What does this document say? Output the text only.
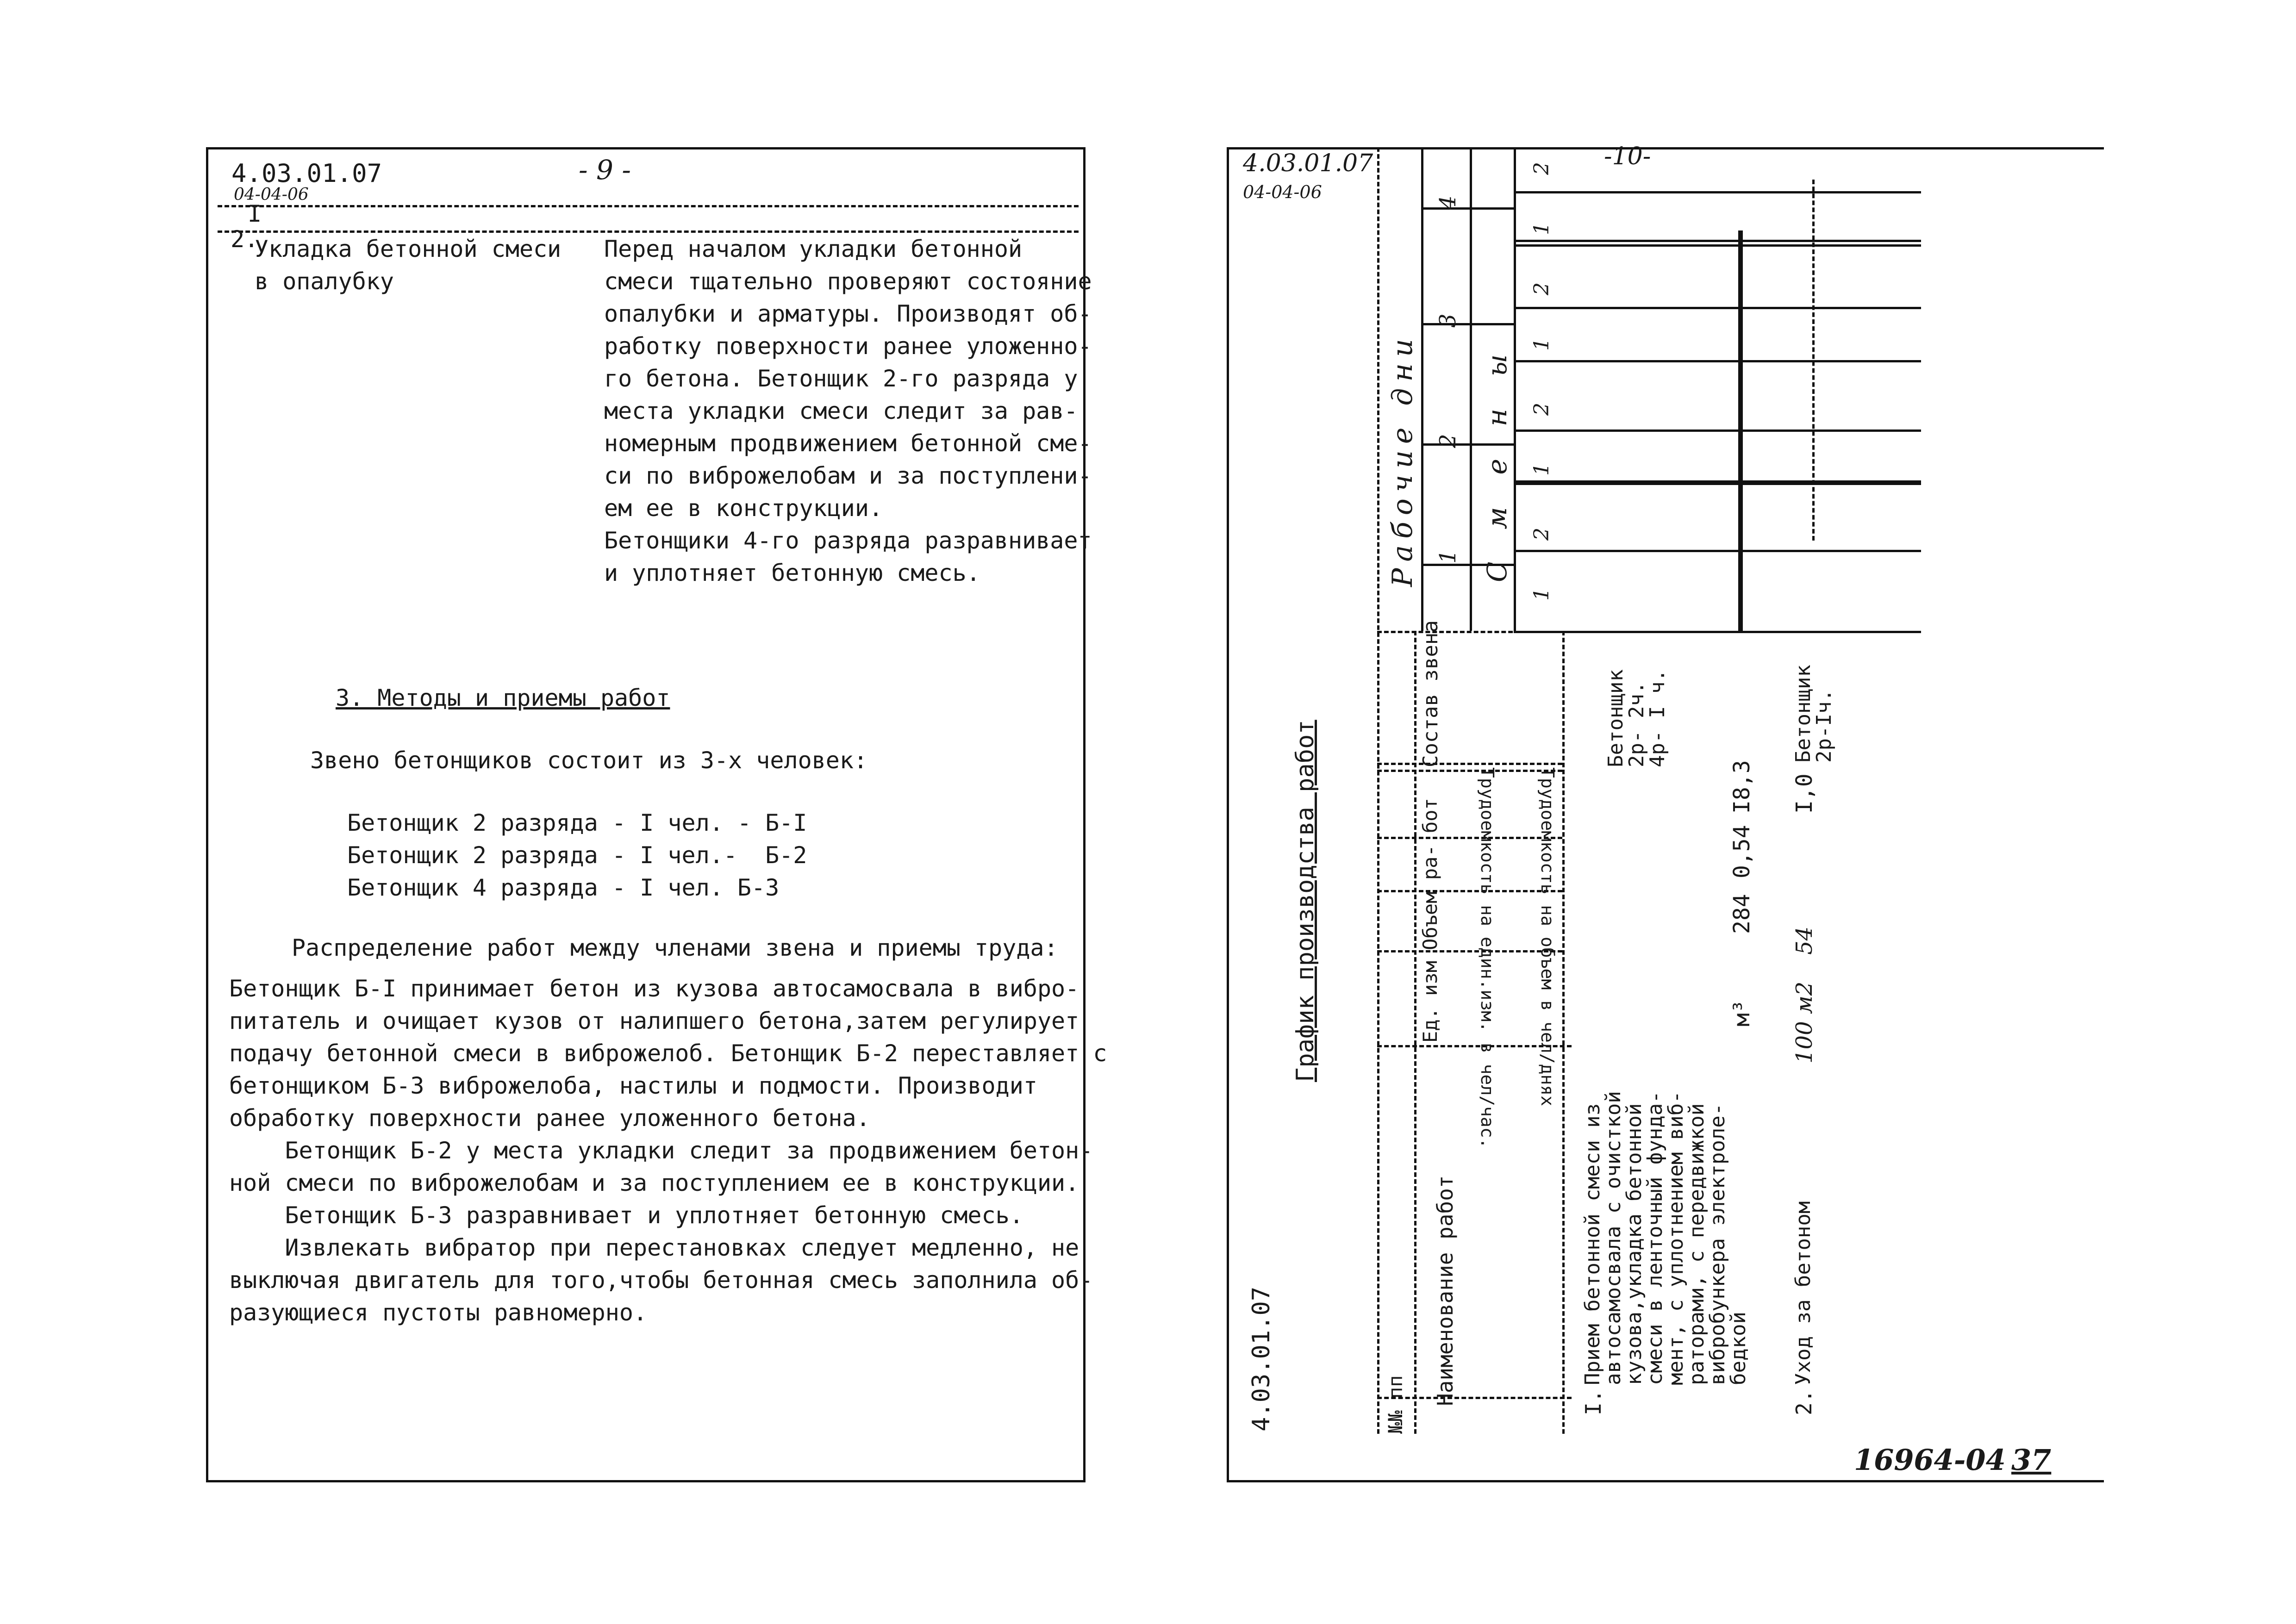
4.03.01.07
04-04-06
- 9 -
I
2.
Укладка бетонной смеси
в опалубку
Перед началом укладки бетонной
смеси тщательно проверяют состояние
опалубки и арматуры. Производят об-
работку поверхности ранее уложенно-
го бетона. Бетонщик 2-го разряда у
места укладки смеси следит за рав-
номерным продвижением бетонной сме-
си по виброжелобам и за поступлени-
ем ее в конструкции.
Бетонщики 4-го разряда разравнивает
и уплотняет бетонную смесь.
3. Методы и приемы работ
Звено бетонщиков состоит из 3-х человек:
Бетонщик 2 разряда - I чел. - Б-I
Бетонщик 2 разряда - I чел.-  Б-2
Бетонщик 4 разряда - I чел. Б-3
Распределение работ между членами звена и приемы труда:
Бетонщик Б-I принимает бетон из кузова автосамосвала в вибро-
питатель и очищает кузов от налипшего бетона,затем регулирует
подачу бетонной смеси в виброжелоб. Бетонщик Б-2 переставляет с
бетонщиком Б-3 виброжелоба, настилы и подмости. Производит
обработку поверхности ранее уложенного бетона.
Бетонщик Б-2 у места укладки следит за продвижением бетон-
ной смеси по виброжелобам и за поступлением ее в конструкции.
Бетонщик Б-3 разравнивает и уплотняет бетонную смесь.
Извлекать вибратор при перестановках следует медленно, не
выключая двигатель для того,чтобы бетонная смесь заполнила об-
разующиеся пустоты равномерно.
4.03.01.07
04-04-06
-10-
График производства работ
4.03.01.07
Рабочие дни Смены
1
2
3
4
1
2
1
2
1
2
1
2
№№ пп Наименование работ
Ед. изм
Объем ра- бот Трудоемкость на един.изм. в чел/час. Трудоемкость на объем в чел/днях
Состав звена
I.
Прием бетонной смеси из
автосамосвала с очисткой
кузова,укладка бетонной
смеси в ленточный фунда-
мент, с уплотнением виб-
раторами, с передвижкой
вибробункера электроле-
бедкой
м³
284
0,54
I8,3
Бетонщик
2р- 2ч.
4р- I ч.
2.
Уход за бетоном
100 м2
54
I,0
Бетонщик
2р-Iч.
16964-04 37
